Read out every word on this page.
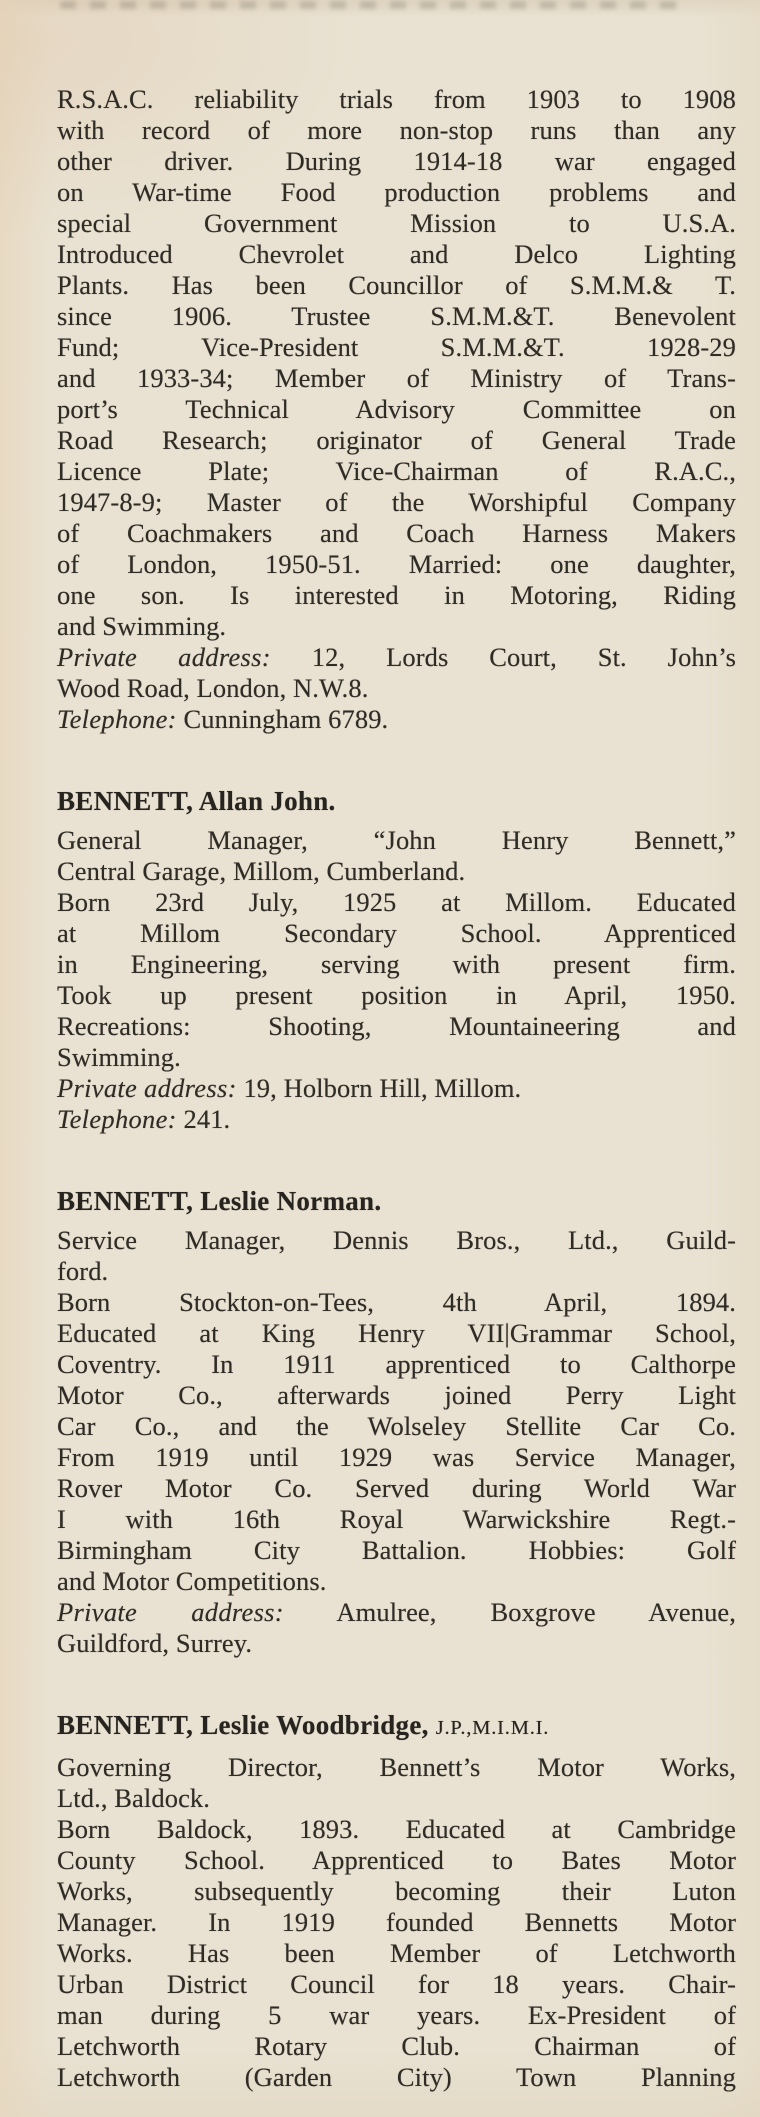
R.S.A.C. reliability trials from 1903 to 1908
with record of more non-stop runs than any
other driver. During 1914-18 war engaged
on War-time Food production problems and
special Government Mission to U.S.A.
Introduced Chevrolet and Delco Lighting
Plants. Has been Councillor of S.M.M.& T.
since 1906. Trustee S.M.M.&T. Benevolent
Fund; Vice-President S.M.M.&T. 1928-29
and 1933-34; Member of Ministry of Trans-
port’s Technical Advisory Committee on
Road Research; originator of General Trade
Licence Plate; Vice-Chairman of R.A.C.,
1947-8-9; Master of the Worshipful Company
of Coachmakers and Coach Harness Makers
of London, 1950-51. Married: one daughter,
one son. Is interested in Motoring, Riding
and Swimming.
Private address: 12, Lords Court, St. John’s
Wood Road, London, N.W.8.
Telephone: Cunningham 6789.
BENNETT, Allan John.
General Manager, “John Henry Bennett,”
Central Garage, Millom, Cumberland.
Born 23rd July, 1925 at Millom. Educated
at Millom Secondary School. Apprenticed
in Engineering, serving with present firm.
Took up present position in April, 1950.
Recreations: Shooting, Mountaineering and
Swimming.
Private address: 19, Holborn Hill, Millom.
Telephone: 241.
BENNETT, Leslie Norman.
Service Manager, Dennis Bros., Ltd., Guild-
ford.
Born Stockton-on-Tees, 4th April, 1894.
Educated at King Henry VII|Grammar School,
Coventry. In 1911 apprenticed to Calthorpe
Motor Co., afterwards joined Perry Light
Car Co., and the Wolseley Stellite Car Co.
From 1919 until 1929 was Service Manager,
Rover Motor Co. Served during World War
I with 16th Royal Warwickshire Regt.-
Birmingham City Battalion. Hobbies: Golf
and Motor Competitions.
Private address: Amulree, Boxgrove Avenue,
Guildford, Surrey.
BENNETT, Leslie Woodbridge, J.P.,M.I.M.I.
Governing Director, Bennett’s Motor Works,
Ltd., Baldock.
Born Baldock, 1893. Educated at Cambridge
County School. Apprenticed to Bates Motor
Works, subsequently becoming their Luton
Manager. In 1919 founded Bennetts Motor
Works. Has been Member of Letchworth
Urban District Council for 18 years. Chair-
man during 5 war years. Ex-President of
Letchworth Rotary Club. Chairman of
Letchworth (Garden City) Town Planning
